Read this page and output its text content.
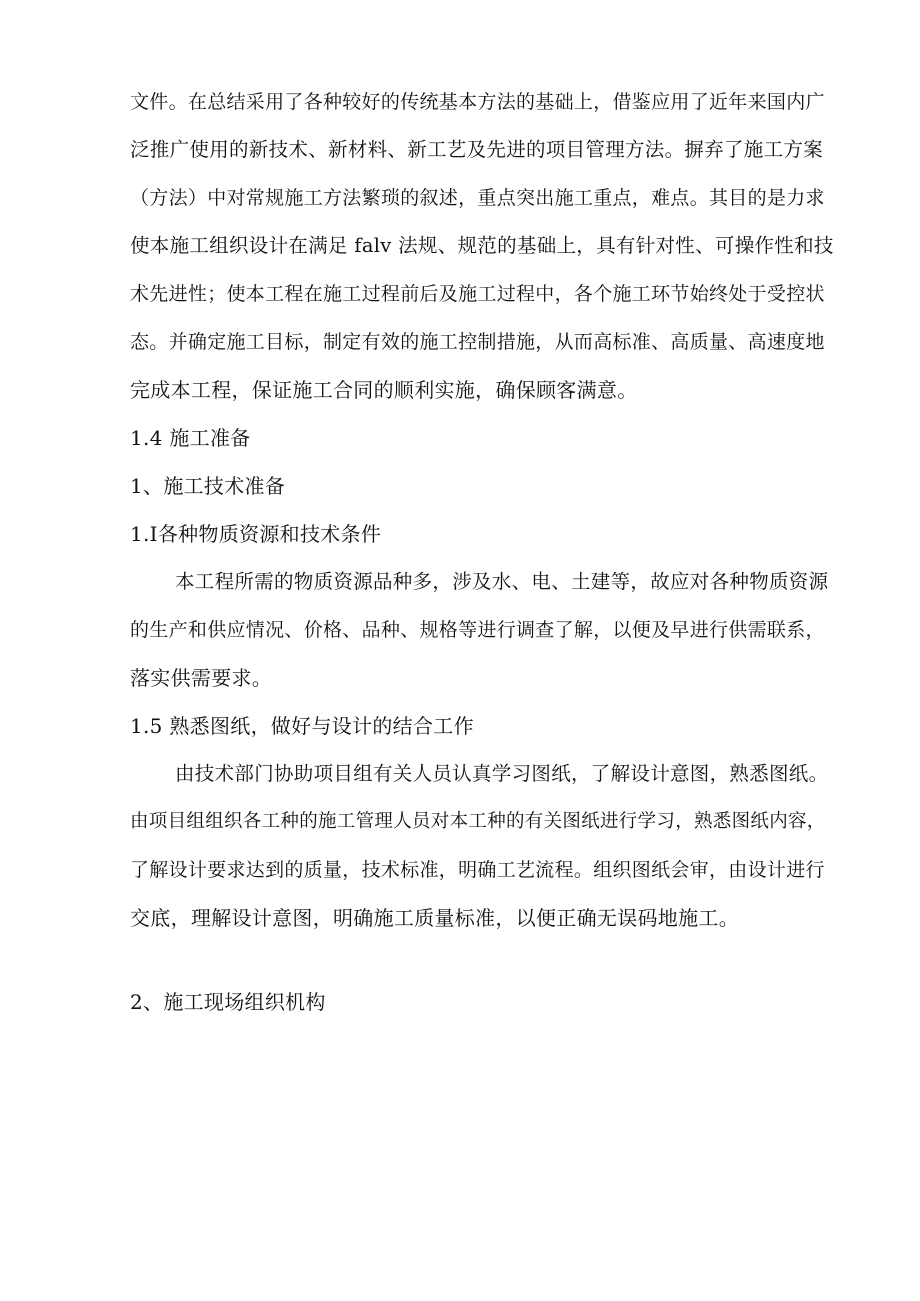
文件。在总结采用了各种较好的传统基本方法的基础上，借鉴应用了近年来国内广
泛推广使用的新技术、新材料、新工艺及先进的项目管理方法。摒弃了施工方案
（方法）中对常规施工方法繁琐的叙述，重点突出施工重点，难点。其目的是力求
使本施工组织设计在满足 falv 法规、规范的基础上，具有针对性、可操作性和技
术先进性；使本工程在施工过程前后及施工过程中，各个施工环节始终处于受控状
态。并确定施工目标，制定有效的施工控制措施，从而高标准、高质量、高速度地
完成本工程，保证施工合同的顺利实施，确保顾客满意。
1.4 施工准备
1、施工技术准备
1.Ⅰ各种物质资源和技术条件
本工程所需的物质资源品种多，涉及水、电、土建等，故应对各种物质资源
的生产和供应情况、价格、品种、规格等进行调查了解，以便及早进行供需联系，
落实供需要求。
1.5 熟悉图纸，做好与设计的结合工作
由技术部门协助项目组有关人员认真学习图纸，了解设计意图，熟悉图纸。
由项目组组织各工种的施工管理人员对本工种的有关图纸进行学习，熟悉图纸内容，
了解设计要求达到的质量，技术标准，明确工艺流程。组织图纸会审，由设计进行
交底，理解设计意图，明确施工质量标准，以便正确无误码地施工。
2、施工现场组织机构
